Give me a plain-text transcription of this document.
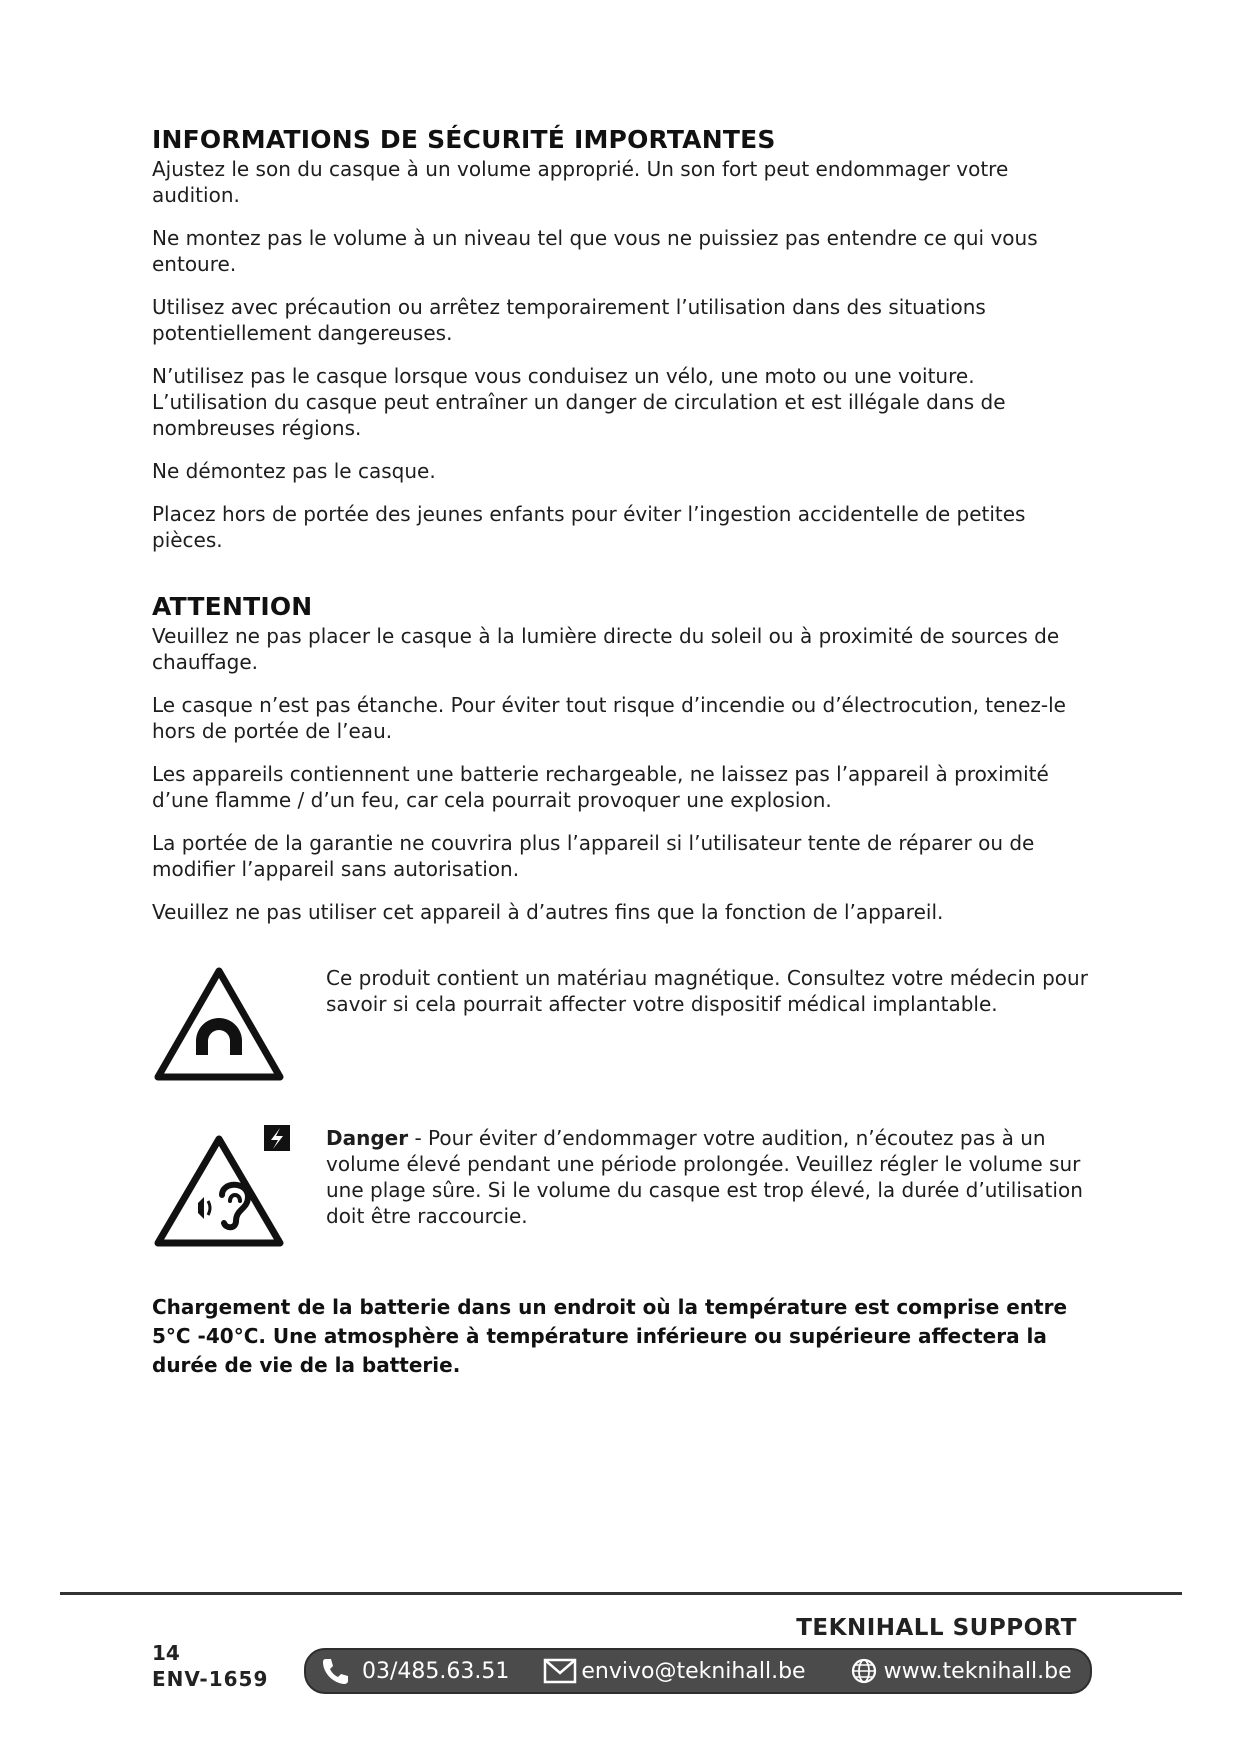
INFORMATIONS DE SÉCURITÉ IMPORTANTES

Ajustez le son du casque à un volume approprié. Un son fort peut endommager votre audition.

Ne montez pas le volume à un niveau tel que vous ne puissiez pas entendre ce qui vous entoure.

Utilisez avec précaution ou arrêtez temporairement l’utilisation dans des situations potentiellement dangereuses.

N’utilisez pas le casque lorsque vous conduisez un vélo, une moto ou une voiture. L’utilisation du casque peut entraîner un danger de circulation et est illégale dans de nombreuses régions.

Ne démontez pas le casque.

Placez hors de portée des jeunes enfants pour éviter l’ingestion accidentelle de petites pièces.

ATTENTION

Veuillez ne pas placer le casque à la lumière directe du soleil ou à proximité de sources de chauffage.

Le casque n’est pas étanche. Pour éviter tout risque d’incendie ou d’électrocution, tenez-le hors de portée de l’eau.

Les appareils contiennent une batterie rechargeable, ne laissez pas l’appareil à proximité d’une flamme / d’un feu, car cela pourrait provoquer une explosion.

La portée de la garantie ne couvrira plus l’appareil si l’utilisateur tente de réparer ou de modifier l’appareil sans autorisation.

Veuillez ne pas utiliser cet appareil à d’autres fins que la fonction de l’appareil.

Ce produit contient un matériau magnétique. Consultez votre médecin pour savoir si cela pourrait affecter votre dispositif médical implantable.

Danger - Pour éviter d’endommager votre audition, n’écoutez pas à un volume élevé pendant une période prolongée. Veuillez régler le volume sur une plage sûre. Si le volume du casque est trop élevé, la durée d’utilisation doit être raccourcie.

Chargement de la batterie dans un endroit où la température est comprise entre 5°C -40°C. Une atmosphère à température inférieure ou supérieure affectera la durée de vie de la batterie.
14
ENV-1659
TEKNIHALL SUPPORT
03/485.63.51	envivo@teknihall.be	www.teknihall.be
